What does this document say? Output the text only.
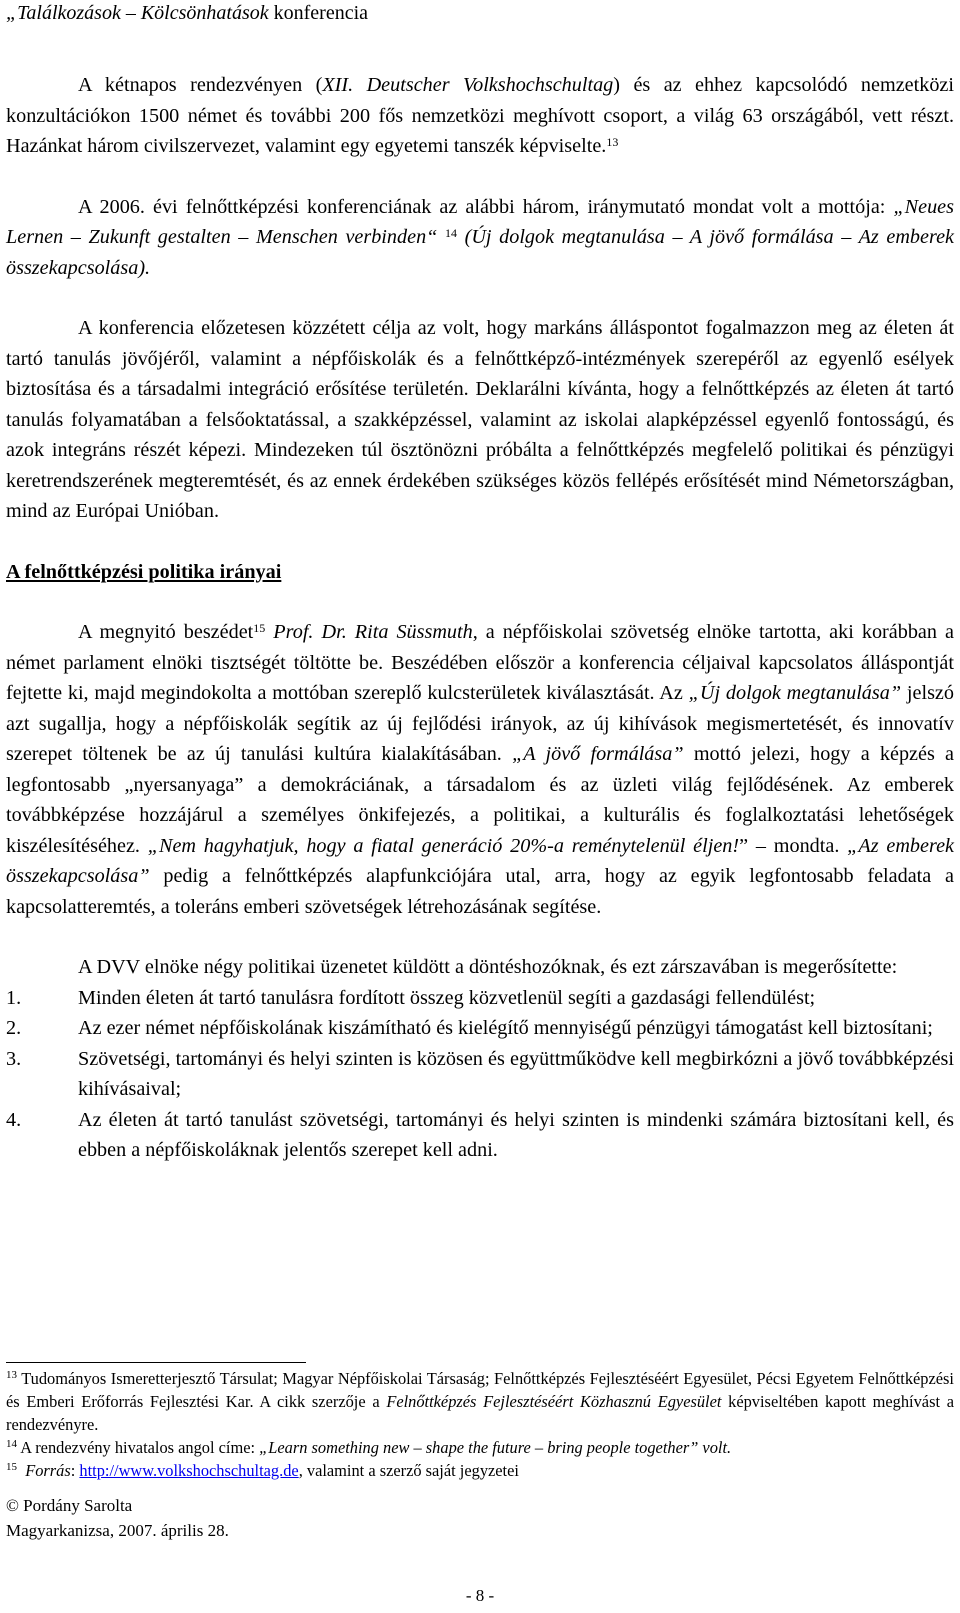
„Találkozások – Kölcsönhatások konferencia

A kétnapos rendezvényen (XII. Deutscher Volkshochschultag) és az ehhez kapcsolódó nemzetközi konzultációkon 1500 német és további 200 fős nemzetközi meghívott csoport, a világ 63 országából, vett részt. Hazánkat három civilszervezet, valamint egy egyetemi tanszék képviselte.$^{13}$

A 2006. évi felnőttképzési konferenciának az alábbi három, iránymutató mondat volt a mottója: „Neues Lernen – Zukunft gestalten – Menschen verbinden“ $^{14}$ (Új dolgok megtanulása – A jövő formálása – Az emberek összekapcsolása).

A konferencia előzetesen közzétett célja az volt, hogy markáns álláspontot fogalmazzon meg az életen át tartó tanulás jövőjéről, valamint a népfőiskolák és a felnőttképző-intézmények szerepéről az egyenlő esélyek biztosítása és a társadalmi integráció erősítése területén. Deklarálni kívánta, hogy a felnőttképzés az életen át tartó tanulás folyamatában a felsőoktatással, a szakképzéssel, valamint az iskolai alapképzéssel egyenlő fontosságú, és azok integráns részét képezi. Mindezeken túl ösztönözni próbálta a felnőttképzés megfelelő politikai és pénzügyi keretrendszerének megteremtését, és az ennek érdekében szükséges közös fellépés erősítését mind Németországban, mind az Európai Unióban.

A felnőttképzési politika irányai

A megnyitó beszédet$^{15}$ Prof. Dr. Rita Süssmuth, a népfőiskolai szövetség elnöke tartotta, aki korábban a német parlament elnöki tisztségét töltötte be. Beszédében először a konferencia céljaival kapcsolatos álláspontját fejtette ki, majd megindokolta a mottóban szereplő kulcsterületek kiválasztását. Az „Új dolgok megtanulása” jelszó azt sugallja, hogy a népfőiskolák segítik az új fejlődési irányok, az új kihívások megismertetését, és innovatív szerepet töltenek be az új tanulási kultúra kialakításában. „A jövő formálása” mottó jelezi, hogy a képzés a legfontosabb „nyersanyaga” a demokráciának, a társadalom és az üzleti világ fejlődésének. Az emberek továbbképzése hozzájárul a személyes önkifejezés, a politikai, a kulturális és foglalkoztatási lehetőségek kiszélesítéséhez. „Nem hagyhatjuk, hogy a fiatal generáció 20%-a reménytelenül éljen!” – mondta. „Az emberek összekapcsolása” pedig a felnőttképzés alapfunkciójára utal, arra, hogy az egyik legfontosabb feladata a kapcsolatteremtés, a toleráns emberi szövetségek létrehozásának segítése.

A DVV elnöke négy politikai üzenetet küldött a döntéshozóknak, és ezt zárszavában is megerősítette:

1.	Minden életen át tartó tanulásra fordított összeg közvetlenül segíti a gazdasági fellendülést;
2.	Az ezer német népfőiskolának kiszámítható és kielégítő mennyiségű pénzügyi támogatást kell biztosítani;
3.	Szövetségi, tartományi és helyi szinten is közösen és együttműködve kell megbirkózni a jövő továbbképzési kihívásaival;
4.	Az életen át tartó tanulást szövetségi, tartományi és helyi szinten is mindenki számára biztosítani kell, és ebben a népfőiskoláknak jelentős szerepet kell adni.
$^{13}$ Tudományos Ismeretterjesztő Társulat; Magyar Népfőiskolai Társaság; Felnőttképzés Fejlesztéséért Egyesület, Pécsi Egyetem Felnőttképzési és Emberi Erőforrás Fejlesztési Kar. A cikk szerzője a Felnőttképzés Fejlesztéséért Közhasznú Egyesület képviseltében kapott meghívást a rendezvényre.
$^{14}$ A rendezvény hivatalos angol címe: „Learn something new – shape the future – bring people together” volt.
$^{15}$ Forrás: http://www.volkshochschultag.de, valamint a szerző saját jegyzetei
© Pordány Sarolta
Magyarkanizsa, 2007. április 28.
- 8 -
